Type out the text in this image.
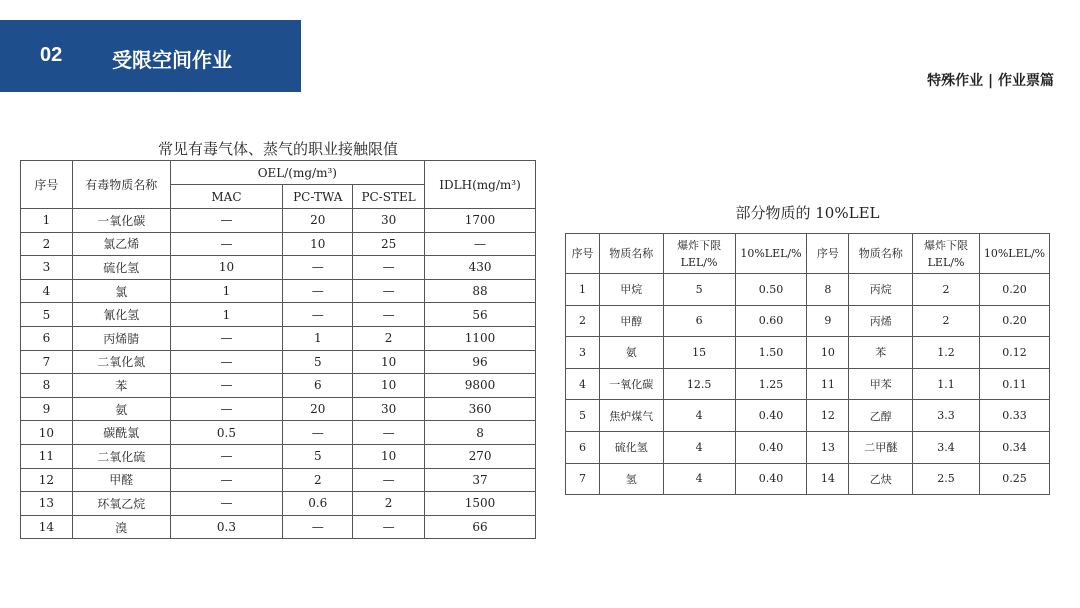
02 受限空间作业
特殊作业 | 作业票篇
常见有毒气体、蒸气的职业接触限值
序号	有毒物质名称	OEL/(mg/m³)			IDLH(mg/m³)
		MAC	PC-TWA	PC-STEL	
1	一氧化碳	—	20	30	1700
2	氯乙烯	—	10	25	—
3	硫化氢	10	—	—	430
4	氯	1	—	—	88
5	氰化氢	1	—	—	56
6	丙烯腈	—	1	2	1100
7	二氧化氮	—	5	10	96
8	苯	—	6	10	9800
9	氨	—	20	30	360
10	碳酰氯	0.5	—	—	8
11	二氧化硫	—	5	10	270
12	甲醛	—	2	—	37
13	环氧乙烷	—	0.6	2	1500
14	溴	0.3	—	—	66
部分物质的 10%LEL
序号	物质名称	爆炸下限LEL/%	10%LEL/%	序号	物质名称	爆炸下限LEL/%	10%LEL/%
1	甲烷	5	0.50	8	丙烷	2	0.20
2	甲醇	6	0.60	9	丙烯	2	0.20
3	氨	15	1.50	10	苯	1.2	0.12
4	一氧化碳	12.5	1.25	11	甲苯	1.1	0.11
5	焦炉煤气	4	0.40	12	乙醇	3.3	0.33
6	硫化氢	4	0.40	13	二甲醚	3.4	0.34
7	氢	4	0.40	14	乙炔	2.5	0.25
